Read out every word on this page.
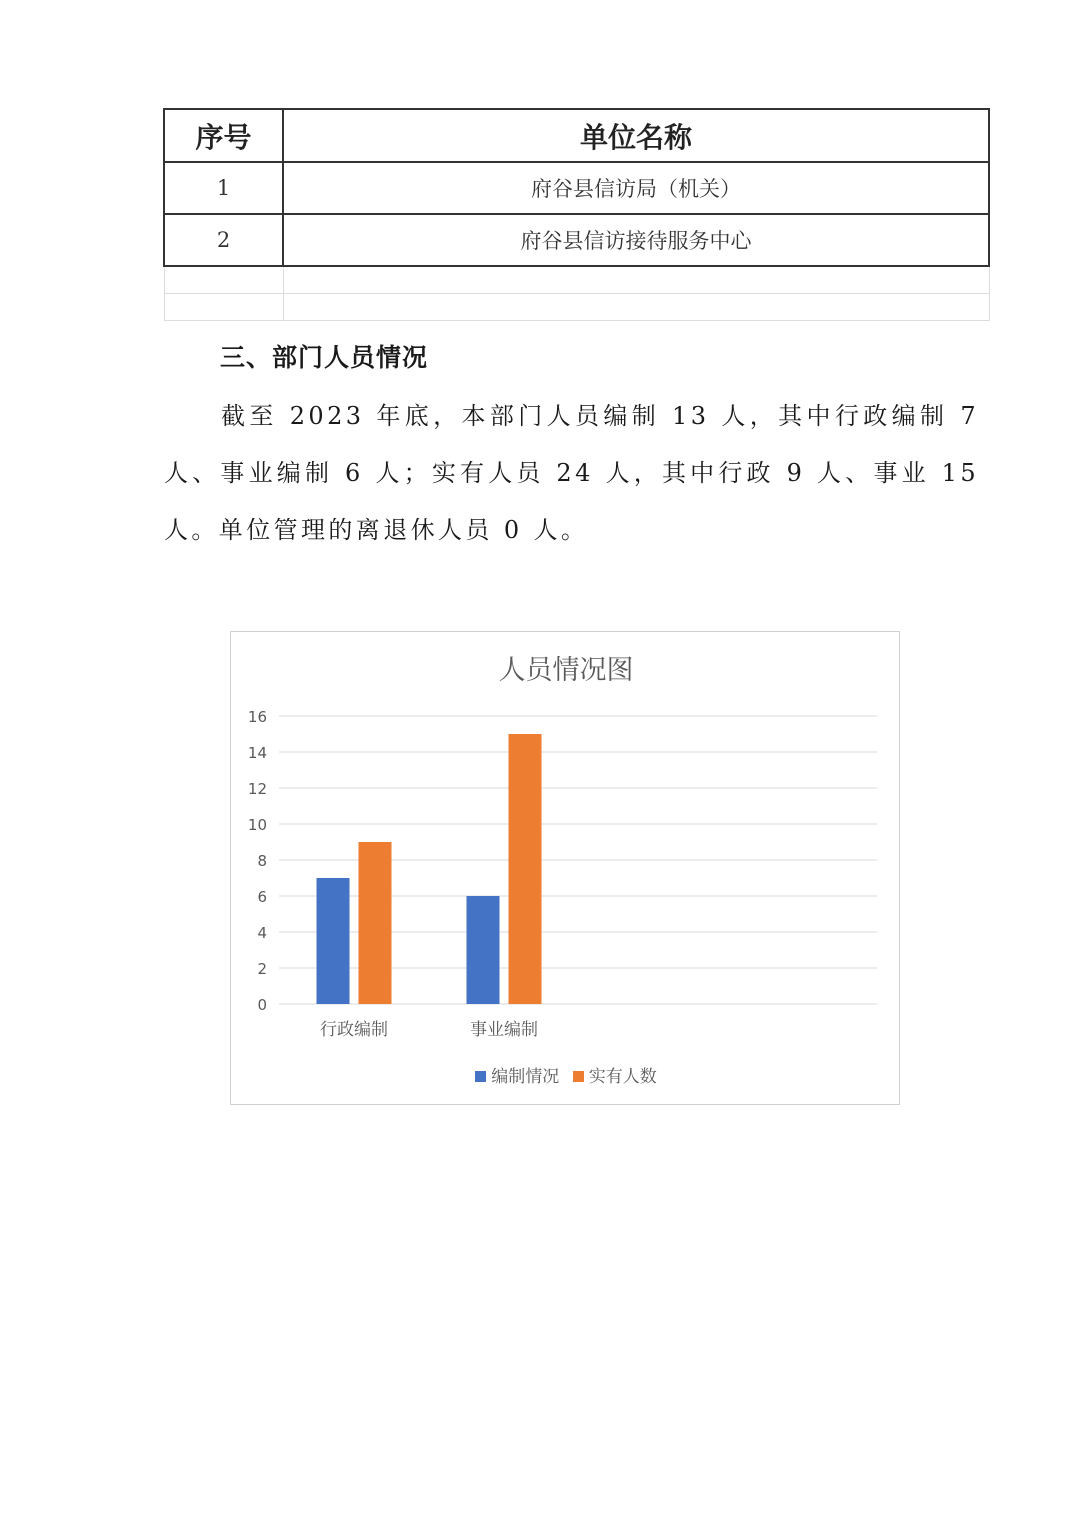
序号	单位名称
1	府谷县信访局（机关）
2	府谷县信访接待服务中心

三、部门人员情况

截至 2023 年底，本部门人员编制 13 人，其中行政编制 7 人、事业编制 6 人；实有人员 24 人，其中行政 9 人、事业 15 人。单位管理的离退休人员 0 人。

人员情况图
0
2
4
6
8
10
12
14
16
行政编制	事业编制
编制情况 实有人数
